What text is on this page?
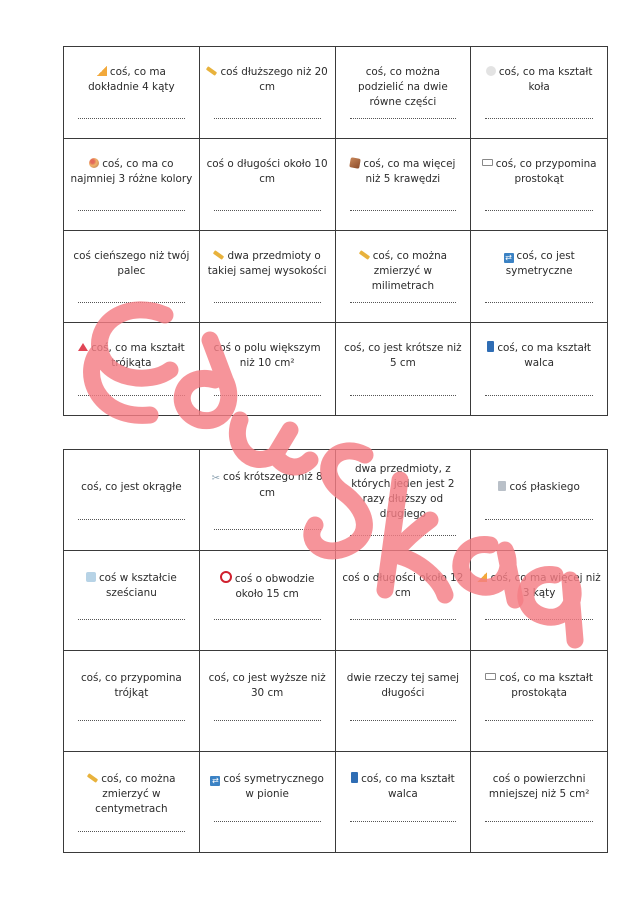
coś, co ma dokładnie 4 kąty
coś dłuższego niż 20 cm
coś, co można podzielić na dwie równe części
coś, co ma kształt koła
coś, co ma co najmniej 3 różne kolory
coś o długości około 10 cm
coś, co ma więcej niż 5 krawędzi
coś, co przypomina prostokąt
coś cieńszego niż twój palec
dwa przedmioty o takiej samej wysokości
coś, co można zmierzyć w milimetrach
⇄ coś, co jest symetryczne
coś, co ma kształt trójkąta
coś o polu większym niż 10 cm²
coś, co jest krótsze niż 5 cm
coś, co ma kształt walca
coś, co jest okrągłe
✂ coś krótszego niż 8 cm
dwa przedmioty, z których jeden jest 2 razy dłuższy od drugiego
coś płaskiego
coś w kształcie sześcianu
coś o obwodzie około 15 cm
coś o długości około 12 cm
coś, co ma więcej niż 3 kąty
coś, co przypomina trójkąt
coś, co jest wyższe niż 30 cm
dwie rzeczy tej samej długości
coś, co ma kształt prostokąta
coś, co można zmierzyć w centymetrach
⇄ coś symetrycznego w pionie
coś, co ma kształt walca
coś o powierzchni mniejszej niż 5 cm²
